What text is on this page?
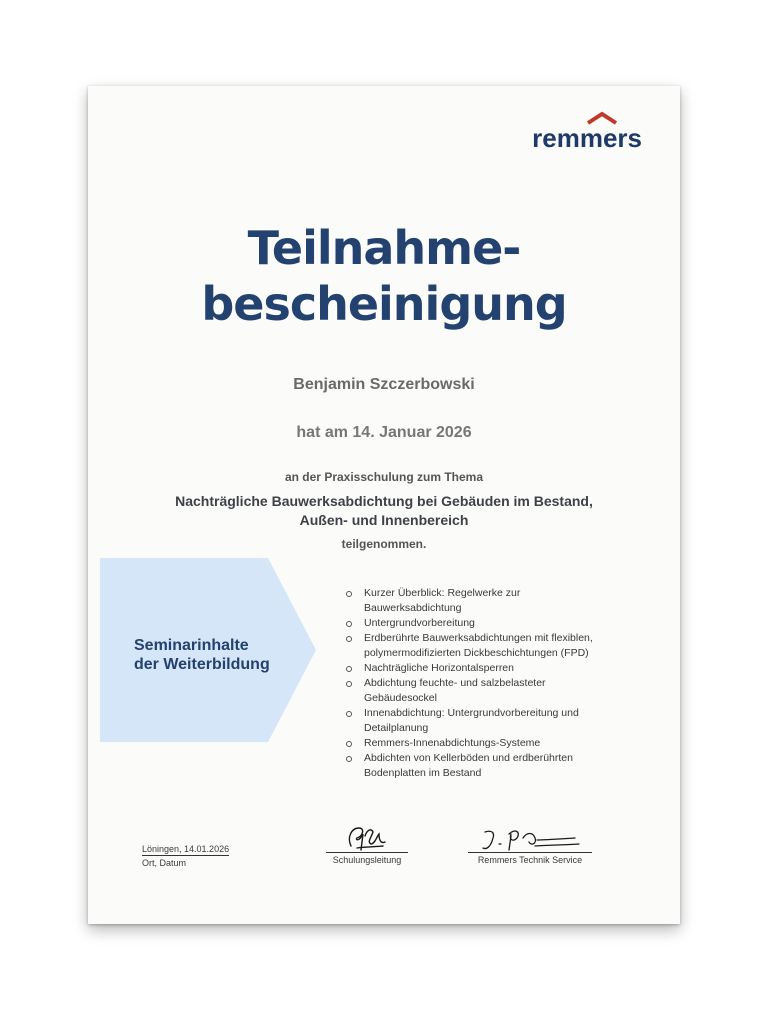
remmers
Teilnahme-
bescheinigung
Benjamin Szczerbowski
hat am 14. Januar 2026
an der Praxisschulung zum Thema
Nachträgliche Bauwerksabdichtung bei Gebäuden im Bestand,
Außen- und Innenbereich
teilgenommen.
Seminarinhalte
der Weiterbildung
Kurzer Überblick: Regelwerke zur
Bauwerksabdichtung
Untergrundvorbereitung
Erdberührte Bauwerksabdichtungen mit flexiblen,
polymermodifizierten Dickbeschichtungen (FPD)
Nachträgliche Horizontalsperren
Abdichtung feuchte- und salzbelasteter
Gebäudesockel
Innenabdichtung: Untergrundvorbereitung und
Detailplanung
Remmers-Innenabdichtungs-Systeme
Abdichten von Kellerböden und erdberührten
Bodenplatten im Bestand
Löningen, 14.01.2026
Ort, Datum	Schulungsleitung	Remmers Technik Service
